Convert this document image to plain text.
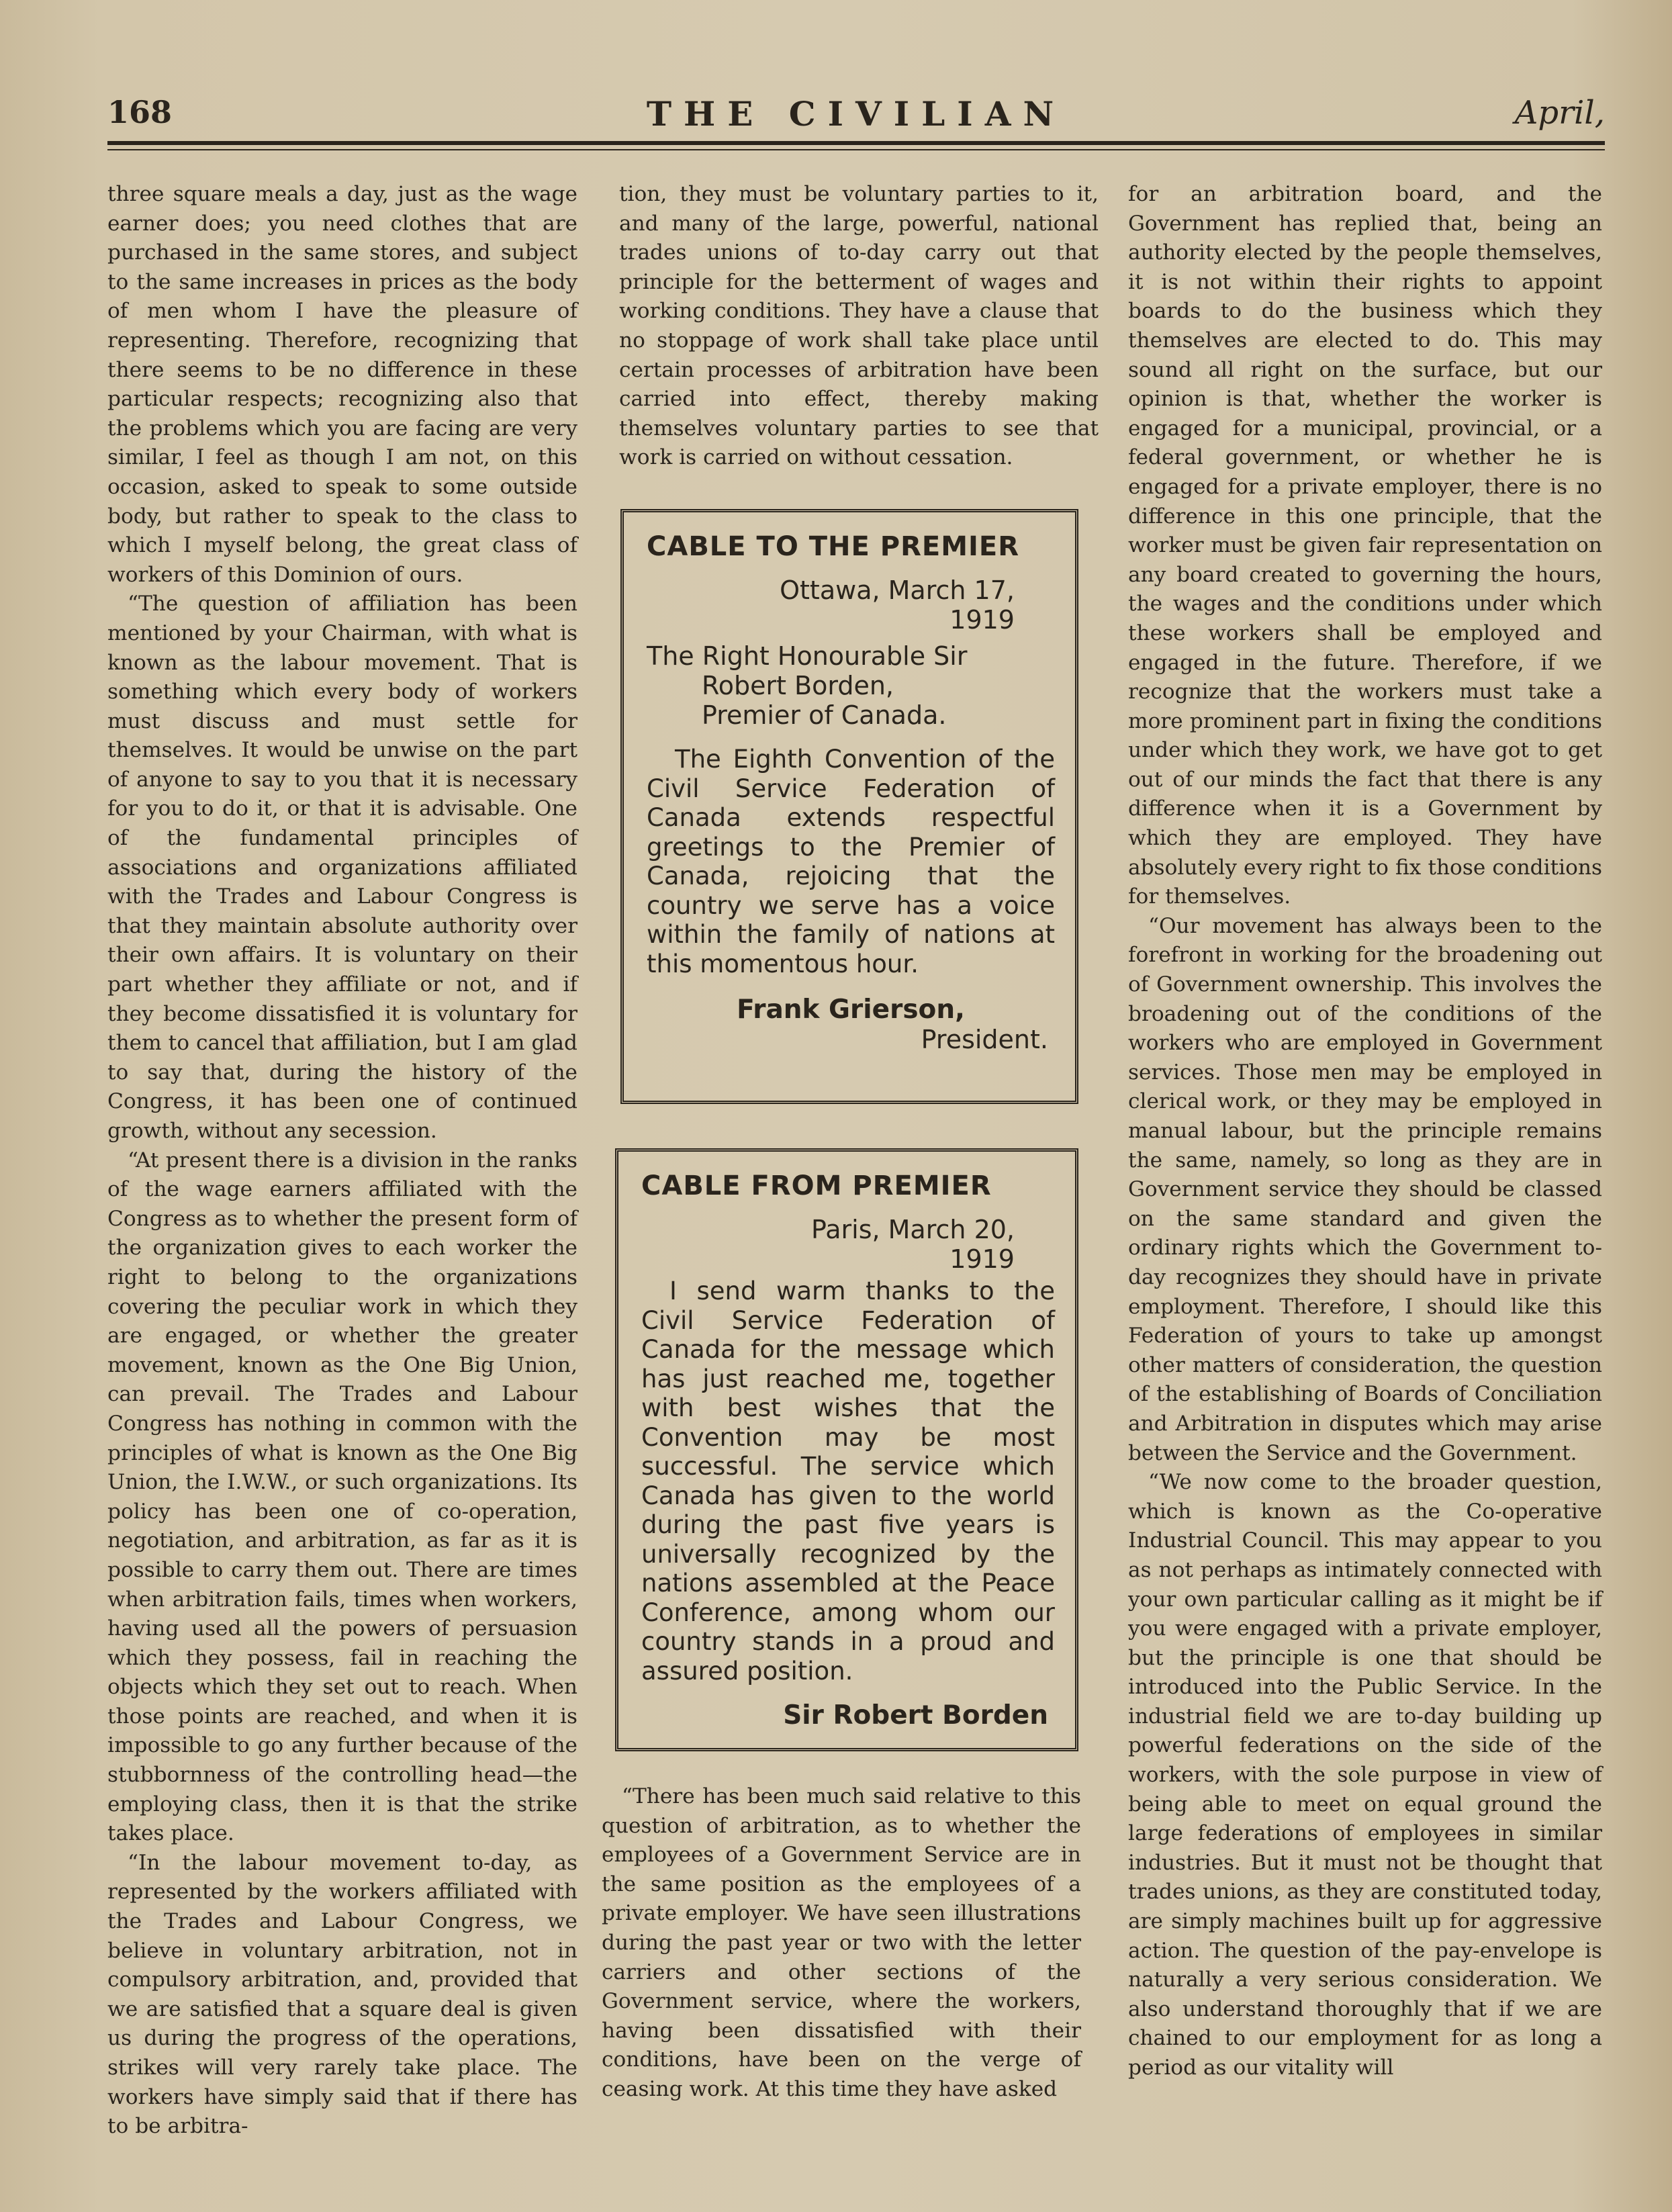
168	THE CIVILIAN	April,

three square meals a day, just as the wage earner does; you need clothes that are purchased in the same stores, and subject to the same increases in prices as the body of men whom I have the pleasure of representing. Therefore, recognizing that there seems to be no difference in these particular respects; recognizing also that the problems which you are facing are very similar, I feel as though I am not, on this occasion, asked to speak to some outside body, but rather to speak to the class to which I myself belong, the great class of workers of this Dominion of ours.

“The question of affiliation has been mentioned by your Chairman, with what is known as the labour movement. That is something which every body of workers must discuss and must settle for themselves. It would be unwise on the part of anyone to say to you that it is necessary for you to do it, or that it is advisable. One of the fundamental principles of associations and organizations affiliated with the Trades and Labour Congress is that they maintain absolute authority over their own affairs. It is voluntary on their part whether they affiliate or not, and if they become dissatisfied it is voluntary for them to cancel that affiliation, but I am glad to say that, during the history of the Congress, it has been one of continued growth, without any secession.

“At present there is a division in the ranks of the wage earners affiliated with the Congress as to whether the present form of the organization gives to each worker the right to belong to the organizations covering the peculiar work in which they are engaged, or whether the greater movement, known as the One Big Union, can prevail. The Trades and Labour Congress has nothing in common with the principles of what is known as the One Big Union, the I.W.W., or such organizations. Its policy has been one of co-operation, negotiation, and arbitration, as far as it is possible to carry them out. There are times when arbitration fails, times when workers, having used all the powers of persuasion which they possess, fail in reaching the objects which they set out to reach. When those points are reached, and when it is impossible to go any further because of the stubbornness of the controlling head—the employing class, then it is that the strike takes place.

“In the labour movement to-day, as represented by the workers affiliated with the Trades and Labour Congress, we believe in voluntary arbitration, not in compulsory arbitration, and, provided that we are satisfied that a square deal is given us during the progress of the operations, strikes will very rarely take place. The workers have simply said that if there has to be arbitra-

tion, they must be voluntary parties to it, and many of the large, powerful, national trades unions of to-day carry out that principle for the betterment of wages and working conditions. They have a clause that no stoppage of work shall take place until certain processes of arbitration have been carried into effect, thereby making themselves voluntary parties to see that work is carried on without cessation.

CABLE TO THE PREMIER
Ottawa, March 17,
1919
The Right Honourable Sir
Robert Borden,
Premier of Canada.

The Eighth Convention of the Civil Service Federation of Canada extends respectful greetings to the Premier of Canada, rejoicing that the country we serve has a voice within the family of nations at this momentous hour.

Frank Grierson,
President.
CABLE FROM PREMIER
Paris, March 20,
1919

I send warm thanks to the Civil Service Federation of Canada for the message which has just reached me, together with best wishes that the Convention may be most successful. The service which Canada has given to the world during the past five years is universally recognized by the nations assembled at the Peace Conference, among whom our country stands in a proud and assured position.

Sir Robert Borden

“There has been much said relative to this question of arbitration, as to whether the employees of a Government Service are in the same position as the employees of a private employer. We have seen illustrations during the past year or two with the letter carriers and other sections of the Government service, where the workers, having been dissatisfied with their conditions, have been on the verge of ceasing work. At this time they have asked

for an arbitration board, and the Government has replied that, being an authority elected by the people themselves, it is not within their rights to appoint boards to do the business which they themselves are elected to do. This may sound all right on the surface, but our opinion is that, whether the worker is engaged for a municipal, provincial, or a federal government, or whether he is engaged for a private employer, there is no difference in this one principle, that the worker must be given fair representation on any board created to governing the hours, the wages and the conditions under which these workers shall be employed and engaged in the future. Therefore, if we recognize that the workers must take a more prominent part in fixing the conditions under which they work, we have got to get out of our minds the fact that there is any difference when it is a Government by which they are employed. They have absolutely every right to fix those conditions for themselves.

“Our movement has always been to the forefront in working for the broadening out of Government ownership. This involves the broadening out of the conditions of the workers who are employed in Government services. Those men may be employed in clerical work, or they may be employed in manual labour, but the principle remains the same, namely, so long as they are in Government service they should be classed on the same standard and given the ordinary rights which the Government to-day recognizes they should have in private employment. Therefore, I should like this Federation of yours to take up amongst other matters of consideration, the question of the establishing of Boards of Conciliation and Arbitration in disputes which may arise between the Service and the Government.

“We now come to the broader question, which is known as the Co-operative Industrial Council. This may appear to you as not perhaps as intimately connected with your own particular calling as it might be if you were engaged with a private employer, but the principle is one that should be introduced into the Public Service. In the industrial field we are to-day building up powerful federations on the side of the workers, with the sole purpose in view of being able to meet on equal ground the large federations of employees in similar industries. But it must not be thought that trades unions, as they are constituted today, are simply machines built up for aggressive action. The question of the pay-envelope is naturally a very serious consideration. We also understand thoroughly that if we are chained to our employment for as long a period as our vitality will
